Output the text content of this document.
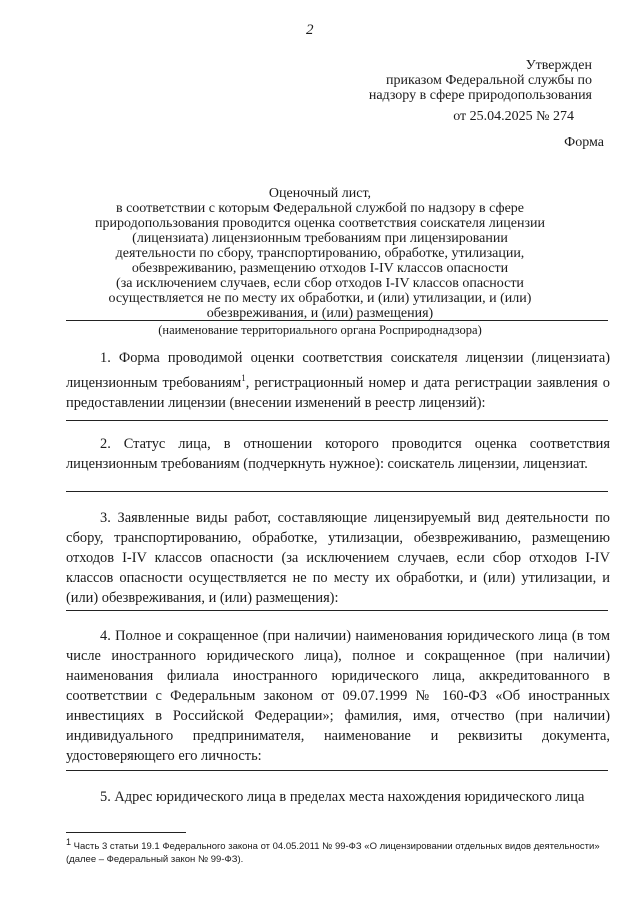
2
Утвержден
приказом Федеральной службы по
надзору в сфере природопользования
от 25.04.2025 № 274
Форма
Оценочный лист,
в соответствии с которым Федеральной службой по надзору в сфере
природопользования проводится оценка соответствия соискателя лицензии
(лицензиата) лицензионным требованиям при лицензировании
деятельности по сбору, транспортированию, обработке, утилизации,
обезвреживанию, размещению отходов I-IV классов опасности
(за исключением случаев, если сбор отходов I-IV классов опасности
осуществляется не по месту их обработки, и (или) утилизации, и (или)
обезвреживания, и (или) размещения)
(наименование территориального органа Росприроднадзора)

1. Форма проводимой оценки соответствия соискателя лицензии (лицензиата) лицензионным требованиям$^1$, регистрационный номер и дата регистрации заявления о предоставлении лицензии (внесении изменений в реестр лицензий):

2. Статус лица, в отношении которого проводится оценка соответствия лицензионным требованиям (подчеркнуть нужное): соискатель лицензии, лицензиат.

3. Заявленные виды работ, составляющие лицензируемый вид деятельности по сбору, транспортированию, обработке, утилизации, обезвреживанию, размещению отходов I-IV классов опасности (за исключением случаев, если сбор отходов I-IV классов опасности осуществляется не по месту их обработки, и (или) утилизации, и (или) обезвреживания, и (или) размещения):

4. Полное и сокращенное (при наличии) наименования юридического лица (в том числе иностранного юридического лица), полное и сокращенное (при наличии) наименования филиала иностранного юридического лица, аккредитованного в соответствии с Федеральным законом от 09.07.1999 № 160-ФЗ «Об иностранных инвестициях в Российской Федерации»; фамилия, имя, отчество (при наличии) индивидуального предпринимателя, наименование и реквизиты документа, удостоверяющего его личность:

5. Адрес юридического лица в пределах места нахождения юридического лица

$^1$ Часть 3 статьи 19.1 Федерального закона от 04.05.2011 № 99-ФЗ «О лицензировании отдельных видов деятельности»
(далее – Федеральный закон № 99-ФЗ).
